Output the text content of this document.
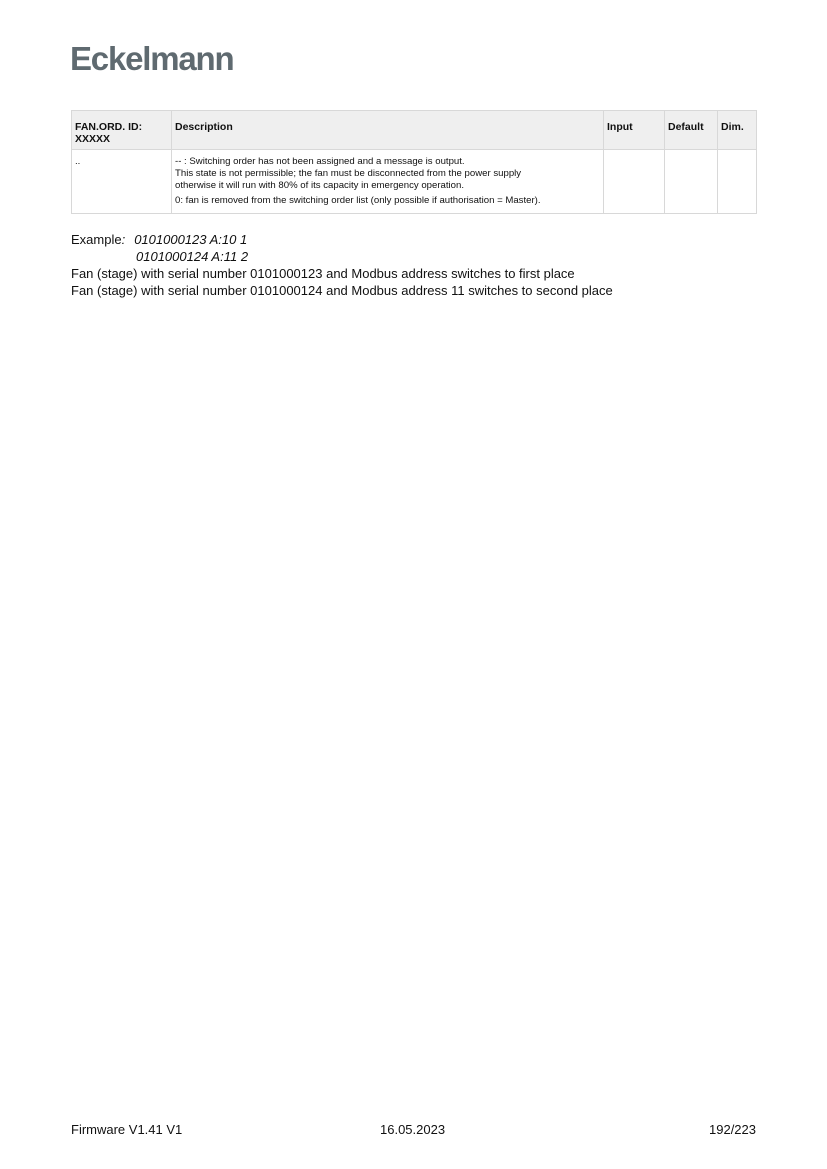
Eckelmann
FAN.ORD. ID:
XXXXX	Description	Input	Default	Dim.
..	-- : Switching order has not been assigned and a message is output.
This state is not permissible; the fan must be disconnected from the power supply
otherwise it will run with 80% of its capacity in emergency operation.
0: fan is removed from the switching order list (only possible if authorisation = Master).			

Example: 0101000123 A:10 1
0101000124 A:11 2
Fan (stage) with serial number 0101000123 and Modbus address switches to first place
Fan (stage) with serial number 0101000124 and Modbus address 11 switches to second place
Firmware V1.41 V1	16.05.2023	192/223
